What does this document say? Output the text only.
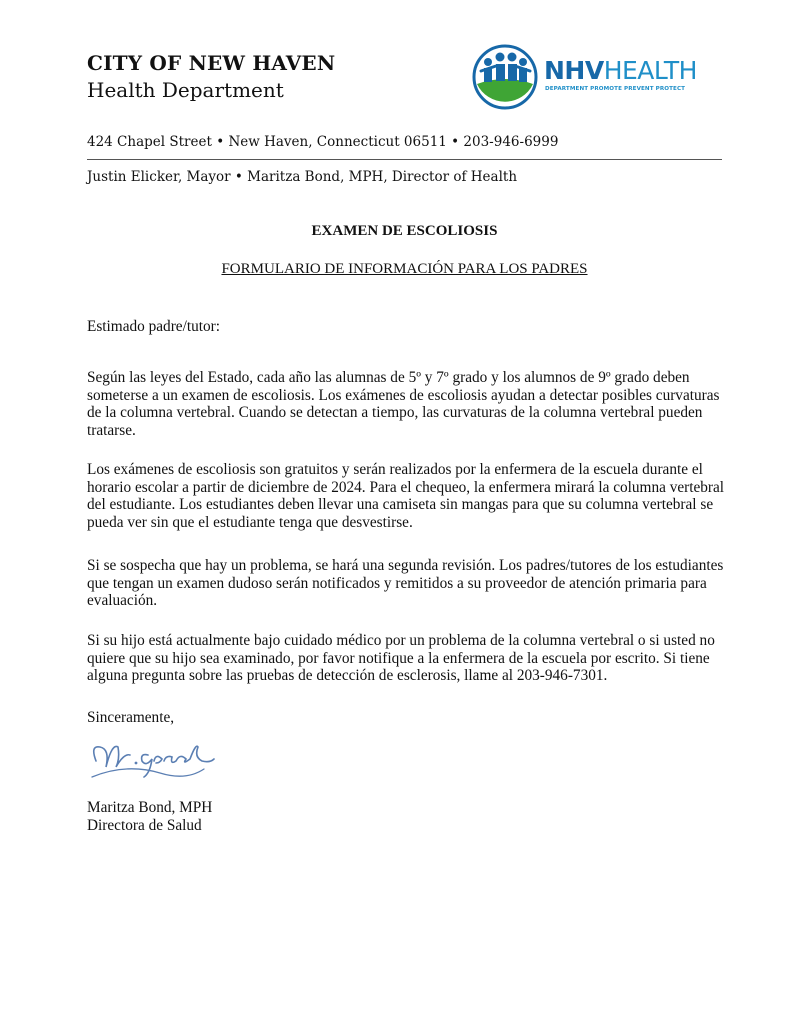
CITY OF NEW HAVEN
Health Department
NHVHEALTH
DEPARTMENT PROMOTE PREVENT PROTECT
424 Chapel Street • New Haven, Connecticut 06511 • 203-946-6999
Justin Elicker, Mayor • Maritza Bond, MPH, Director of Health
EXAMEN DE ESCOLIOSIS
FORMULARIO DE INFORMACIÓN PARA LOS PADRES
Estimado padre/tutor:

Según las leyes del Estado, cada año las alumnas de 5º y 7º grado y los alumnos de 9º grado deben someterse a un examen de escoliosis. Los exámenes de escoliosis ayudan a detectar posibles curvaturas de la columna vertebral. Cuando se detectan a tiempo, las curvaturas de la columna vertebral pueden tratarse.

Los exámenes de escoliosis son gratuitos y serán realizados por la enfermera de la escuela durante el horario escolar a partir de diciembre de 2024. Para el chequeo, la enfermera mirará la columna vertebral del estudiante. Los estudiantes deben llevar una camiseta sin mangas para que su columna vertebral se pueda ver sin que el estudiante tenga que desvestirse.

Si se sospecha que hay un problema, se hará una segunda revisión. Los padres/tutores de los estudiantes que tengan un examen dudoso serán notificados y remitidos a su proveedor de atención primaria para evaluación.

Si su hijo está actualmente bajo cuidado médico por un problema de la columna vertebral o si usted no quiere que su hijo sea examinado, por favor notifique a la enfermera de la escuela por escrito. Si tiene alguna pregunta sobre las pruebas de detección de esclerosis, llame al 203-946-7301.

Sinceramente,
Maritza Bond, MPH
Directora de Salud
